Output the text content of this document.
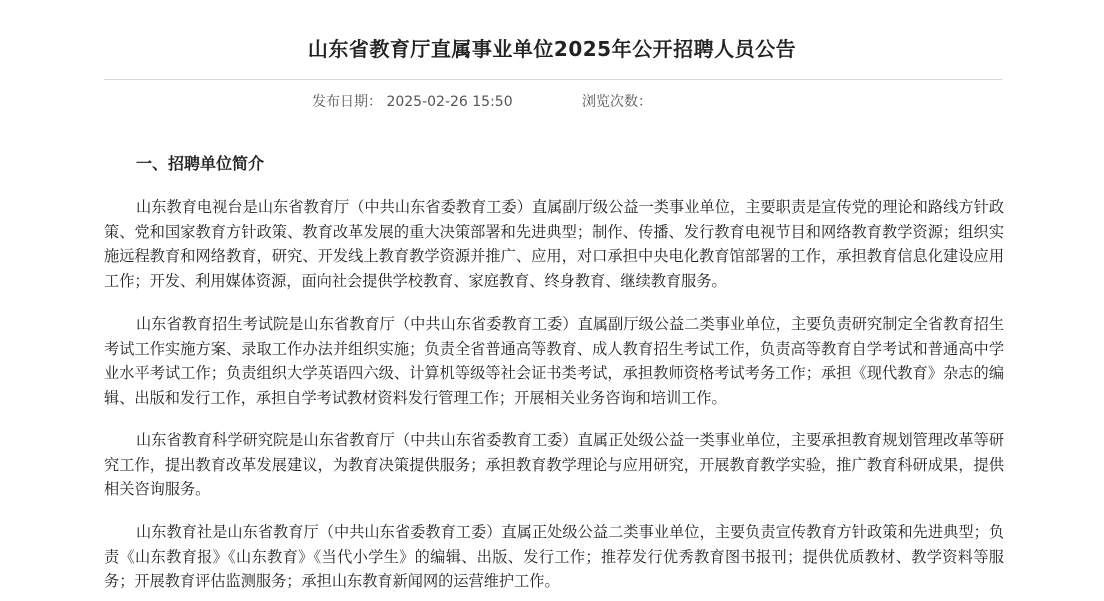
山东省教育厅直属事业单位2025年公开招聘人员公告
发布日期： 2025-02-26 15:50	浏览次数：
一、招聘单位简介

山东教育电视台是山东省教育厅（中共山东省委教育工委）直属副厅级公益一类事业单位，主要职责是宣传党的理论和路线方针政策、党和国家教育方针政策、教育改革发展的重大决策部署和先进典型；制作、传播、发行教育电视节目和网络教育教学资源；组织实施远程教育和网络教育，研究、开发线上教育教学资源并推广、应用，对口承担中央电化教育馆部署的工作，承担教育信息化建设应用工作；开发、利用媒体资源，面向社会提供学校教育、家庭教育、终身教育、继续教育服务。

山东省教育招生考试院是山东省教育厅（中共山东省委教育工委）直属副厅级公益二类事业单位，主要负责研究制定全省教育招生考试工作实施方案、录取工作办法并组织实施；负责全省普通高等教育、成人教育招生考试工作，负责高等教育自学考试和普通高中学业水平考试工作；负责组织大学英语四六级、计算机等级等社会证书类考试，承担教师资格考试考务工作；承担《现代教育》杂志的编辑、出版和发行工作，承担自学考试教材资料发行管理工作；开展相关业务咨询和培训工作。

山东省教育科学研究院是山东省教育厅（中共山东省委教育工委）直属正处级公益一类事业单位，主要承担教育规划管理改革等研究工作，提出教育改革发展建议，为教育决策提供服务；承担教育教学理论与应用研究，开展教育教学实验，推广教育科研成果，提供相关咨询服务。

山东教育社是山东省教育厅（中共山东省委教育工委）直属正处级公益二类事业单位，主要负责宣传教育方针政策和先进典型；负责《山东教育报》《山东教育》《当代小学生》的编辑、出版、发行工作；推荐发行优秀教育图书报刊；提供优质教材、教学资料等服务；开展教育评估监测服务；承担山东教育新闻网的运营维护工作。
